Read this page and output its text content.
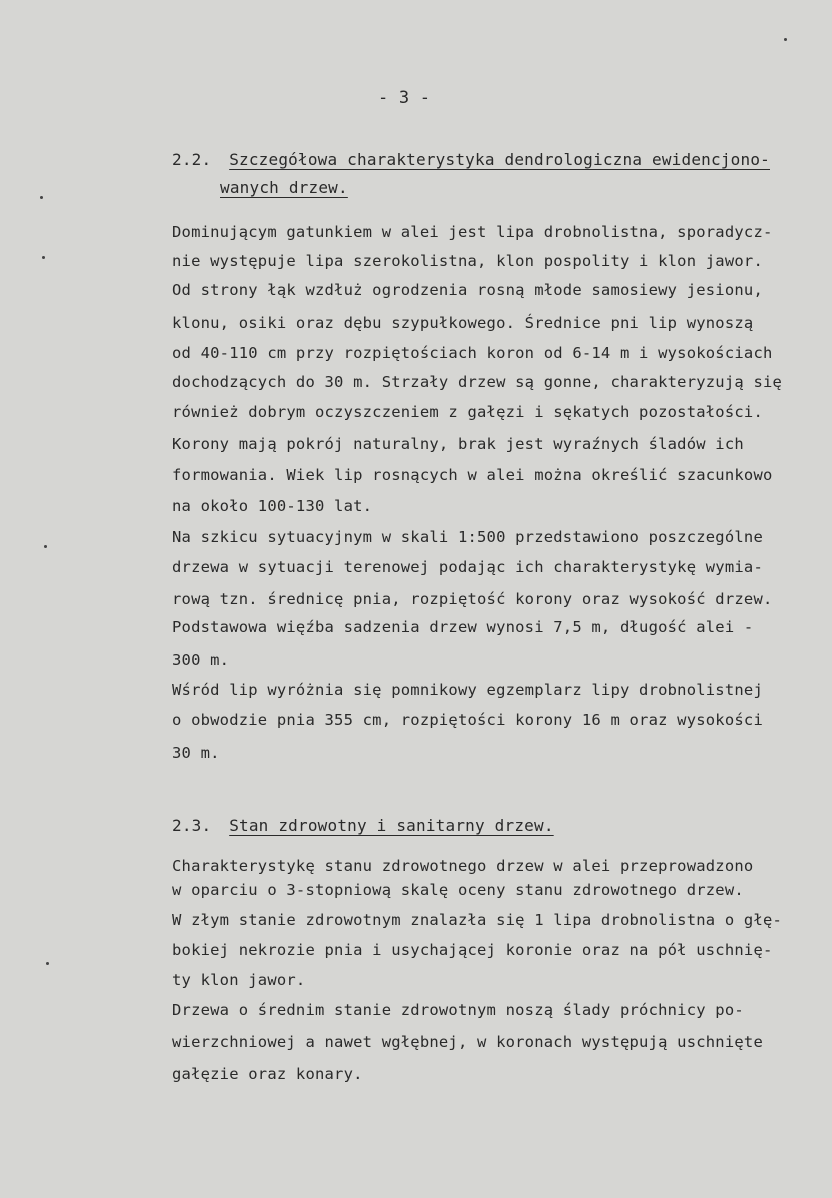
- 3 -
2.2. Szczegółowa charakterystyka dendrologiczna ewidencjono-
wanych drzew.
Dominującym gatunkiem w alei jest lipa drobnolistna, sporadycz-
nie występuje lipa szerokolistna, klon pospolity i klon jawor.
Od strony łąk wzdłuż ogrodzenia rosną młode samosiewy jesionu,
klonu, osiki oraz dębu szypułkowego. Średnice pni lip wynoszą
od 40-110 cm przy rozpiętościach koron od 6-14 m i wysokościach
dochodzących do 30 m. Strzały drzew są gonne, charakteryzują się
również dobrym oczyszczeniem z gałęzi i sękatych pozostałości.
Korony mają pokrój naturalny, brak jest wyraźnych śladów ich
formowania. Wiek lip rosnących w alei można określić szacunkowo
na około 100-130 lat.
Na szkicu sytuacyjnym w skali 1:500 przedstawiono poszczególne
drzewa w sytuacji terenowej podając ich charakterystykę wymia-
rową tzn. średnicę pnia, rozpiętość korony oraz wysokość drzew.
Podstawowa więźba sadzenia drzew wynosi 7,5 m, długość alei -
300 m.
Wśród lip wyróżnia się pomnikowy egzemplarz lipy drobnolistnej
o obwodzie pnia 355 cm, rozpiętości korony 16 m oraz wysokości
30 m.
2.3. Stan zdrowotny i sanitarny drzew.
Charakterystykę stanu zdrowotnego drzew w alei przeprowadzono
w oparciu o 3-stopniową skalę oceny stanu zdrowotnego drzew.
W złym stanie zdrowotnym znalazła się 1 lipa drobnolistna o głę-
bokiej nekrozie pnia i usychającej koronie oraz na pół uschnię-
ty klon jawor.
Drzewa o średnim stanie zdrowotnym noszą ślady próchnicy po-
wierzchniowej a nawet wgłębnej, w koronach występują uschnięte
gałęzie oraz konary.
